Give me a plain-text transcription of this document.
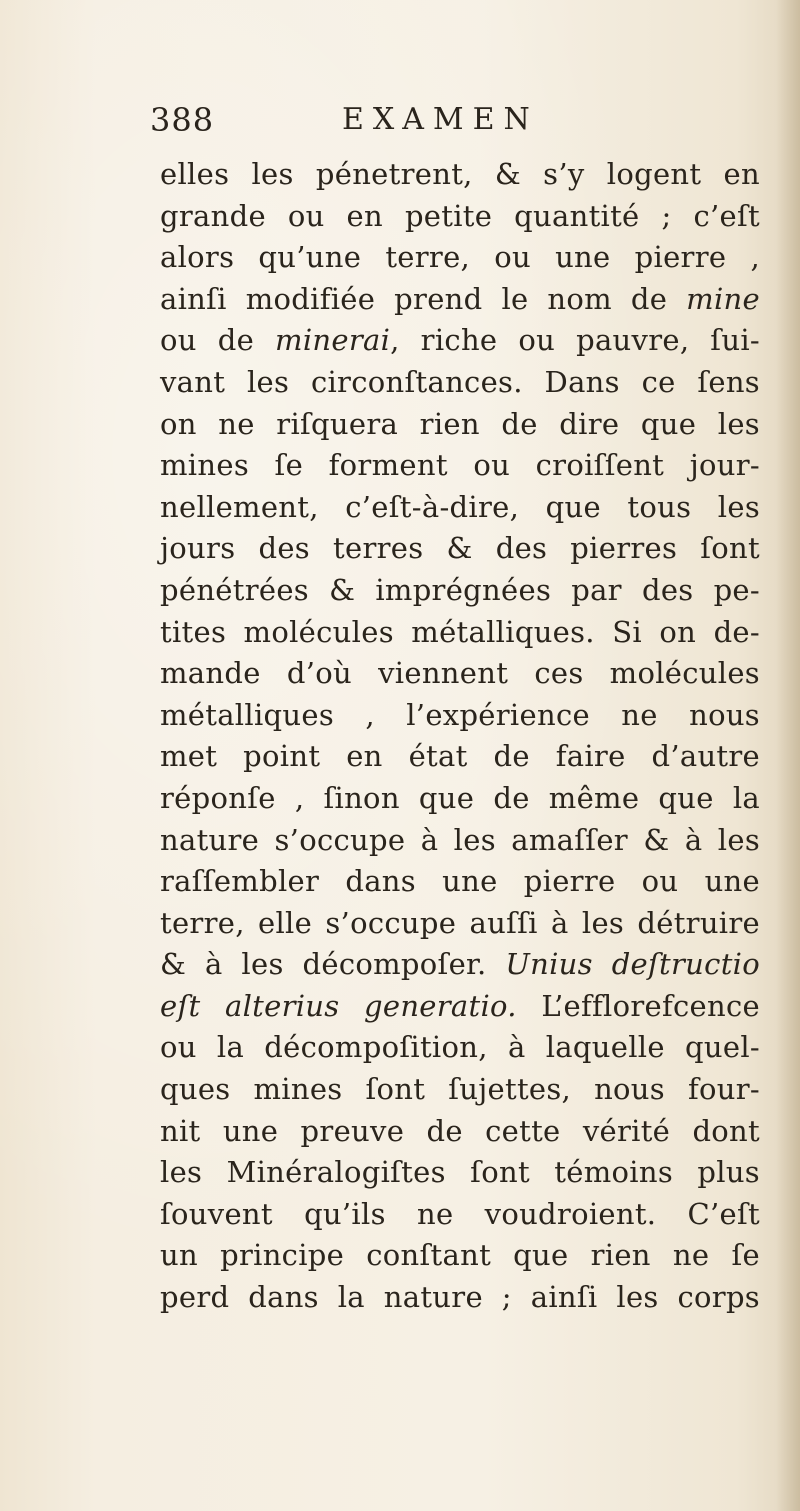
388	EXAMEN
elles les pénetrent, & s’y logent en
grande ou en petite quantité ; c’eſt
alors qu’une terre, ou une pierre ,
ainſi modifiée prend le nom de mine
ou de minerai, riche ou pauvre, ſui-
vant les circonſtances. Dans ce ſens
on ne riſquera rien de dire que les
mines ſe forment ou croiſſent jour-
nellement, c’eſt-à-dire, que tous les
jours des terres & des pierres ſont
pénétrées & imprégnées par des pe-
tites molécules métalliques. Si on de-
mande d’où viennent ces molécules
métalliques , l’expérience ne nous
met point en état de faire d’autre
réponſe , ſinon que de même que la
nature s’occupe à les amaſſer & à les
raſſembler dans une pierre ou une
terre, elle s’occupe auſſi à les détruire
& à les décompoſer. Unius deſtructio
eſt alterius generatio. L’efflorefcence
ou la décompoſition, à laquelle quel-
ques mines ſont ſujettes, nous four-
nit une preuve de cette vérité dont
les Minéralogiſtes ſont témoins plus
ſouvent qu’ils ne voudroient. C’eſt
un principe conſtant que rien ne ſe
perd dans la nature ; ainſi les corps
